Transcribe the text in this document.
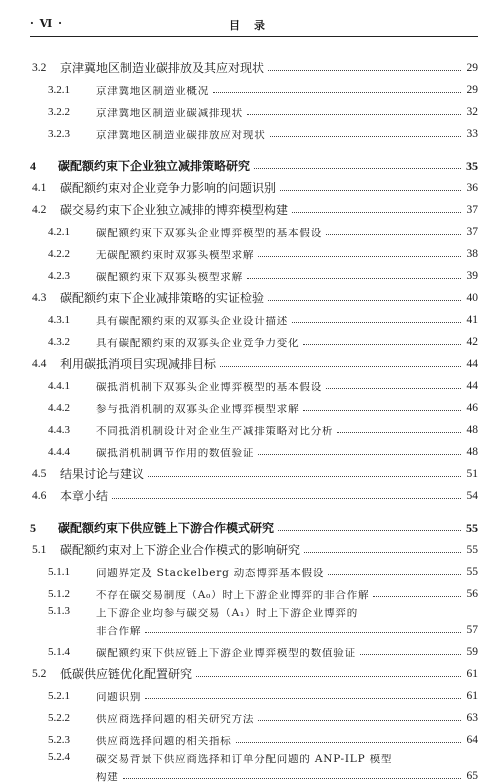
· Ⅵ ·	目录
3.2	京津冀地区制造业碳排放及其应对现状	29
3.2.1	京津冀地区制造业概况	29
3.2.2	京津冀地区制造业碳减排现状	32
3.2.3	京津冀地区制造业碳排放应对现状	33
4	碳配额约束下企业独立减排策略研究	35
4.1	碳配额约束对企业竞争力影响的问题识别	36
4.2	碳交易约束下企业独立减排的博弈模型构建	37
4.2.1	碳配额约束下双寡头企业博弈模型的基本假设	37
4.2.2	无碳配额约束时双寡头模型求解	38
4.2.3	碳配额约束下双寡头模型求解	39
4.3	碳配额约束下企业减排策略的实证检验	40
4.3.1	具有碳配额约束的双寡头企业设计描述	41
4.3.2	具有碳配额约束的双寡头企业竞争力变化	42
4.4	利用碳抵消项目实现减排目标	44
4.4.1	碳抵消机制下双寡头企业博弈模型的基本假设	44
4.4.2	参与抵消机制的双寡头企业博弈模型求解	46
4.4.3	不同抵消机制设计对企业生产减排策略对比分析	48
4.4.4	碳抵消机制调节作用的数值验证	48
4.5	结果讨论与建议	51
4.6	本章小结	54
5	碳配额约束下供应链上下游合作模式研究	55
5.1	碳配额约束对上下游企业合作模式的影响研究	55
5.1.1	问题界定及 Stackelberg 动态博弈基本假设	55
5.1.2	不存在碳交易制度（A₀）时上下游企业博弈的非合作解	56
5.1.3	上下游企业均参与碳交易（A₁）时上下游企业博弈的
非合作解	57
5.1.4	碳配额约束下供应链上下游企业博弈模型的数值验证	59
5.2	低碳供应链优化配置研究	61
5.2.1	问题识别	61
5.2.2	供应商选择问题的相关研究方法	63
5.2.3	供应商选择问题的相关指标	64
5.2.4	碳交易背景下供应商选择和订单分配问题的 ANP-ILP 模型
构建	65
